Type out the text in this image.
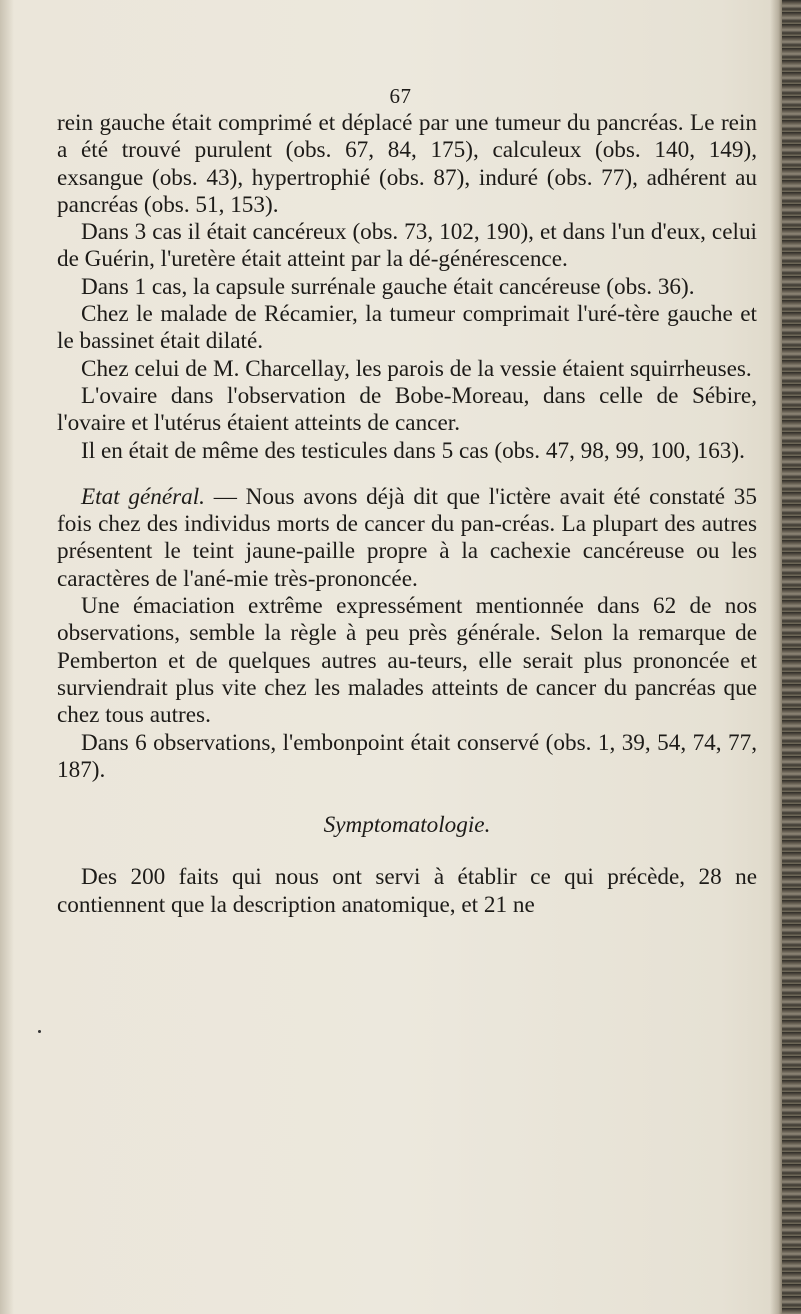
67

rein gauche était comprimé et déplacé par une tumeur du pancréas. Le rein a été trouvé purulent (obs. 67, 84, 175), calculeux (obs. 140, 149), exsangue (obs. 43), hypertrophié (obs. 87), induré (obs. 77), adhérent au pancréas (obs. 51, 153).

Dans 3 cas il était cancéreux (obs. 73, 102, 190), et dans l'un d'eux, celui de Guérin, l'uretère était atteint par la dé-générescence.

Dans 1 cas, la capsule surrénale gauche était cancéreuse (obs. 36).

Chez le malade de Récamier, la tumeur comprimait l'uré-tère gauche et le bassinet était dilaté.

Chez celui de M. Charcellay, les parois de la vessie étaient squirrheuses.

L'ovaire dans l'observation de Bobe-Moreau, dans celle de Sébire, l'ovaire et l'utérus étaient atteints de cancer.

Il en était de même des testicules dans 5 cas (obs. 47, 98, 99, 100, 163).

Etat général. — Nous avons déjà dit que l'ictère avait été constaté 35 fois chez des individus morts de cancer du pan-créas. La plupart des autres présentent le teint jaune-paille propre à la cachexie cancéreuse ou les caractères de l'ané-mie très-prononcée.

Une émaciation extrême expressément mentionnée dans 62 de nos observations, semble la règle à peu près générale. Selon la remarque de Pemberton et de quelques autres au-teurs, elle serait plus prononcée et surviendrait plus vite chez les malades atteints de cancer du pancréas que chez tous autres.

Dans 6 observations, l'embonpoint était conservé (obs. 1, 39, 54, 74, 77, 187).

Symptomatologie.

Des 200 faits qui nous ont servi à établir ce qui précède, 28 ne contiennent que la description anatomique, et 21 ne
